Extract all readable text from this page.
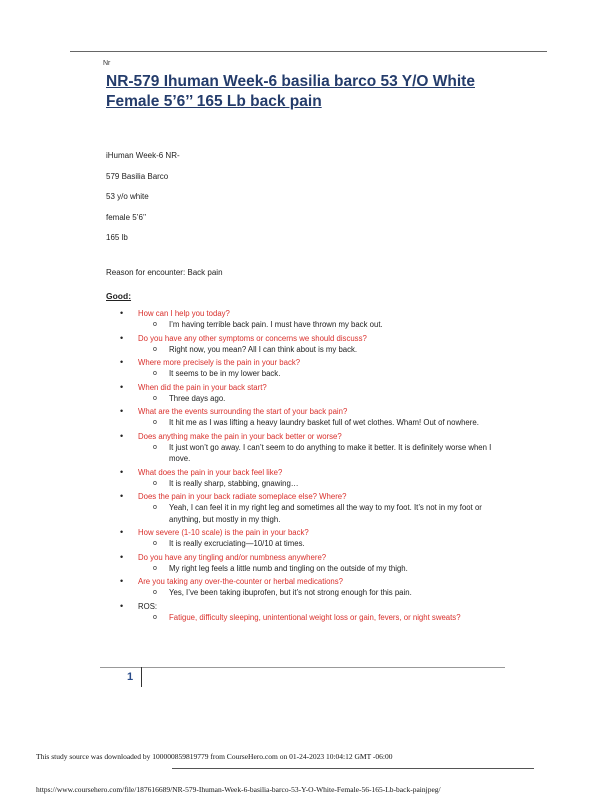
Nr
NR-579 Ihuman Week-6 basilia barco 53 Y/O White Female 5’6’’ 165 Lb back pain
iHuman Week-6 NR-
579 Basilia Barco
53 y/o white
female 5’6’’
165 lb
Reason for encounter: Back pain
Good:
• How can I help you today?
o I’m having terrible back pain. I must have thrown my back out.
• Do you have any other symptoms or concerns we should discuss?
o Right now, you mean? All I can think about is my back.
• Where more precisely is the pain in your back?
o It seems to be in my lower back.
• When did the pain in your back start?
o Three days ago.
• What are the events surrounding the start of your back pain?
o It hit me as I was lifting a heavy laundry basket full of wet clothes. Wham! Out of nowhere.
• Does anything make the pain in your back better or worse?
o It just won’t go away. I can’t seem to do anything to make it better. It is definitely worse when I move.
• What does the pain in your back feel like?
o It is really sharp, stabbing, gnawing…
• Does the pain in your back radiate someplace else? Where?
o Yeah, I can feel it in my right leg and sometimes all the way to my foot. It’s not in my foot or anything, but mostly in my thigh.
• How severe (1-10 scale) is the pain in your back?
o It is really excruciating—10/10 at times.
• Do you have any tingling and/or numbness anywhere?
o My right leg feels a little numb and tingling on the outside of my thigh.
• Are you taking any over-the-counter or herbal medications?
o Yes, I’ve been taking ibuprofen, but it’s not strong enough for this pain.
• ROS:
o Fatigue, difficulty sleeping, unintentional weight loss or gain, fevers, or night sweats?
1
This study source was downloaded by 100000859819779 from CourseHero.com on 01-24-2023 10:04:12 GMT -06:00
https://www.coursehero.com/file/187616689/NR-579-Ihuman-Week-6-basilia-barco-53-Y-O-White-Female-56-165-Lb-back-painjpeg/
